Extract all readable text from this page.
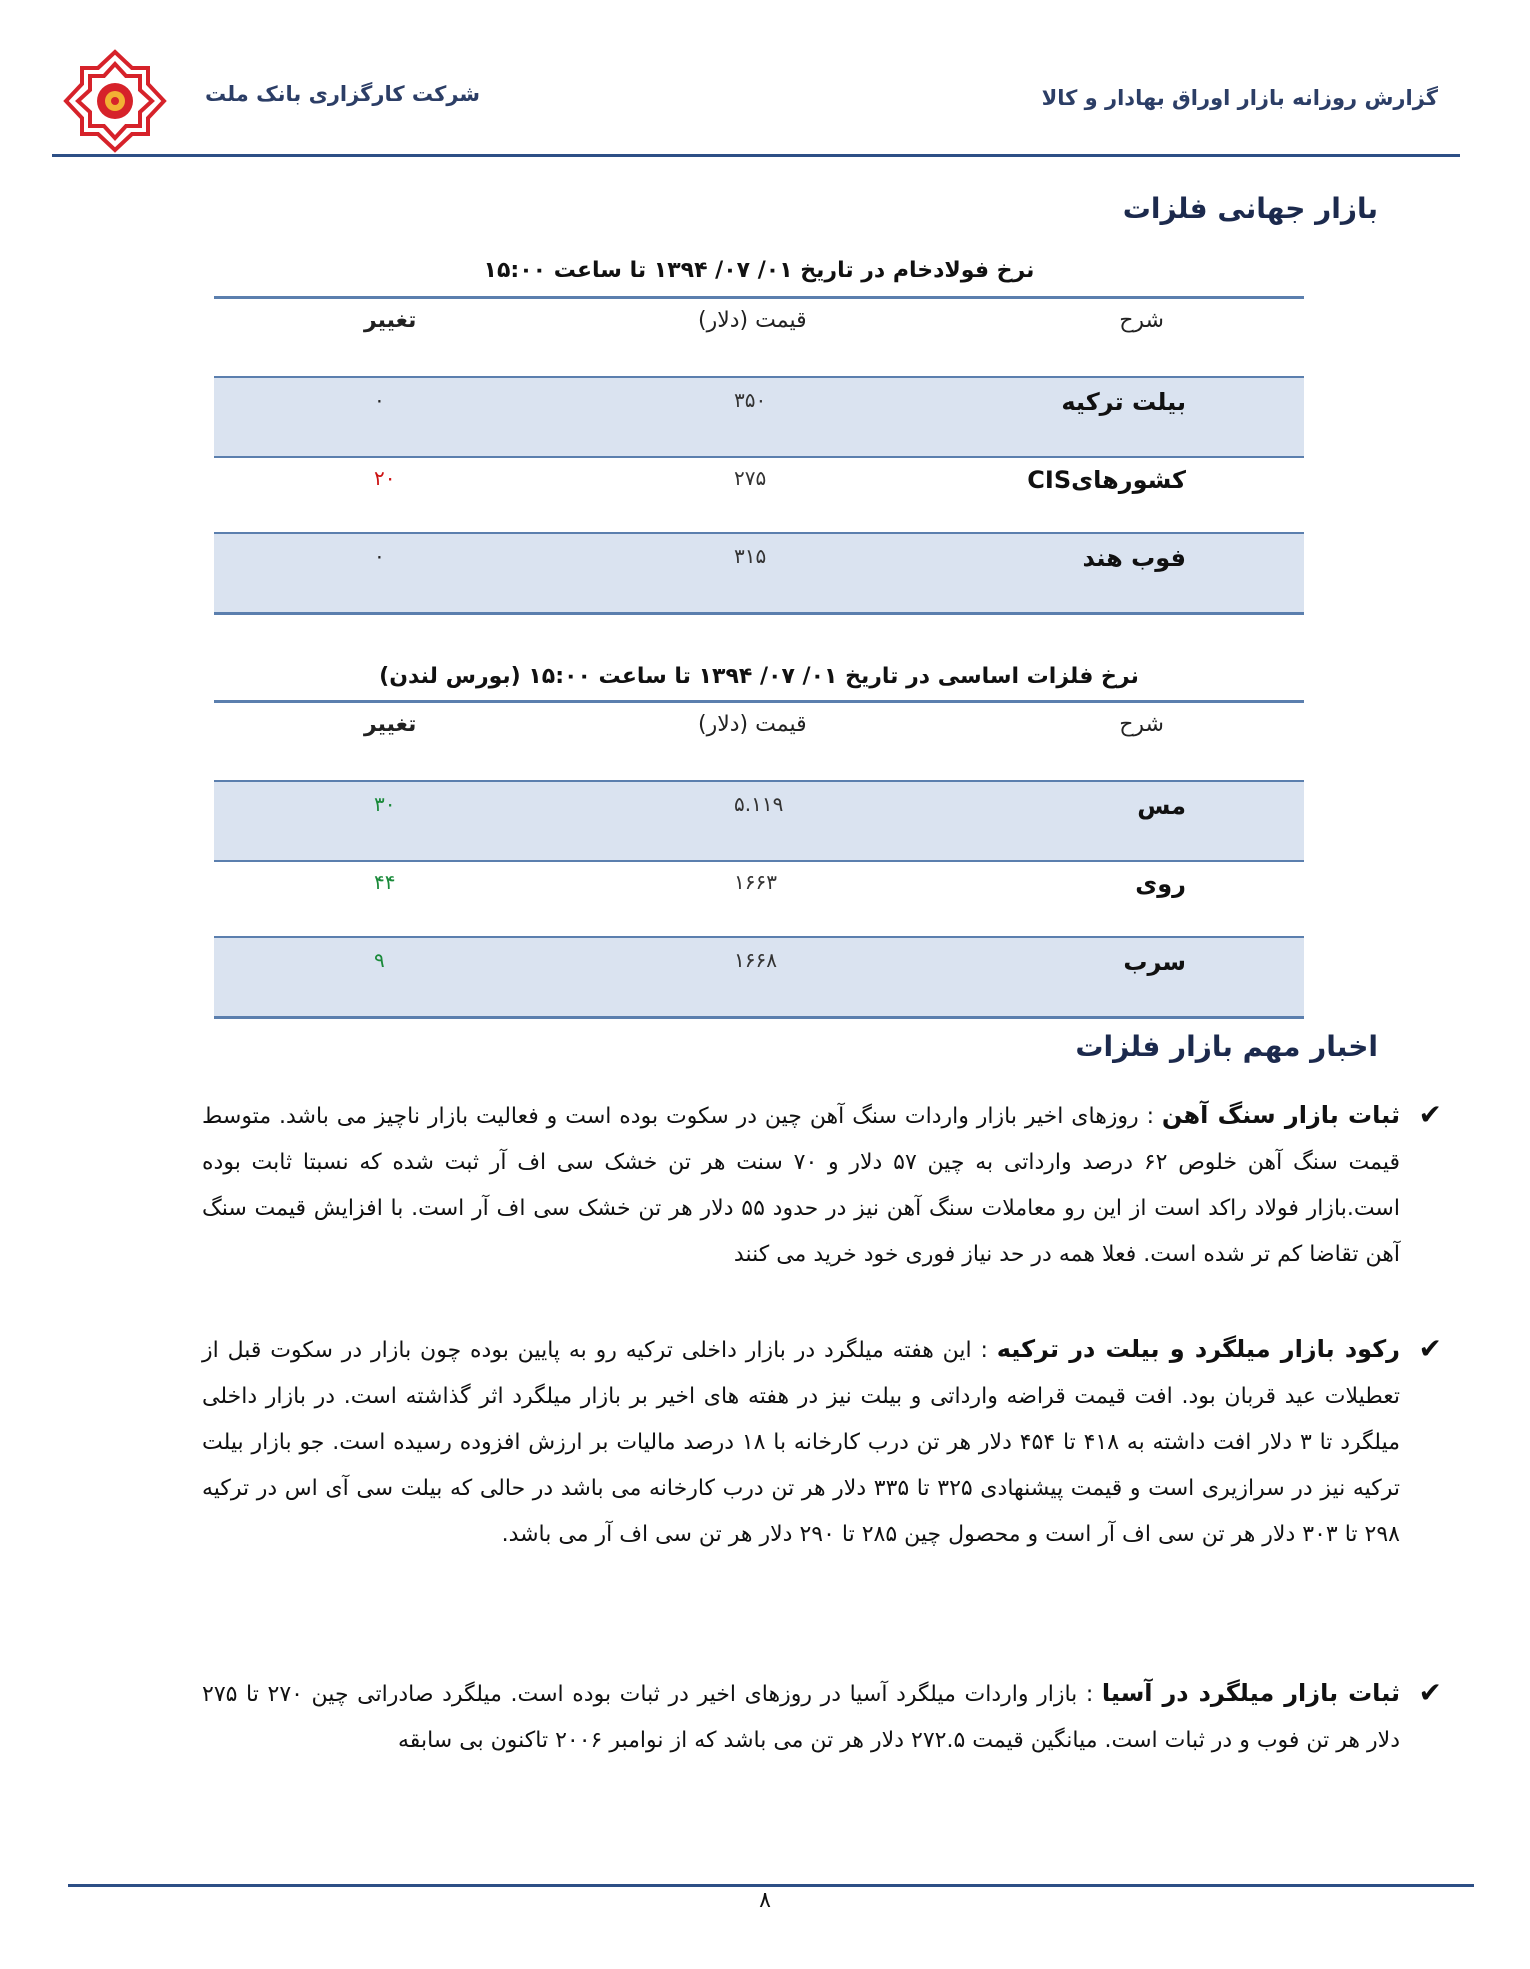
شرکت کارگزاری بانک ملت	گزارش روزانه بازار اوراق بهادار و کالا
بازار جهانی فلزات
نرخ فولادخام در تاریخ ۰۱/ ۰۷/ ۱۳۹۴ تا ساعت ۱۵:۰۰
شرح
قیمت (دلار)
تغییر
بیلت ترکیه
۳۵۰
۰
کشورهایCIS
۲۷۵
۲۰
فوب هند
۳۱۵
۰
نرخ فلزات اساسی در تاریخ ۰۱/ ۰۷/ ۱۳۹۴ تا ساعت ۱۵:۰۰ (بورس لندن)
شرح
قیمت (دلار)
تغییر
مس
۵.۱۱۹
۳۰
روی
۱۶۶۳
۴۴
سرب
۱۶۶۸
۹
اخبار مهم بازار فلزات
✔
ثبات بازار سنگ آهن : روزهای اخیر بازار واردات سنگ آهن چین در سکوت بوده است و فعالیت بازار ناچیز می باشد. متوسط قیمت سنگ آهن خلوص ۶۲ درصد وارداتی به چین ۵۷ دلار و ۷۰ سنت هر تن خشک سی اف آر ثبت شده که نسبتا ثابت بوده است.بازار فولاد راکد است از این رو معاملات سنگ آهن نیز در حدود ۵۵ دلار هر تن خشک سی اف آر است. با افزایش قیمت سنگ آهن تقاضا کم تر شده است. فعلا همه در حد نیاز فوری خود خرید می کنند
✔
رکود بازار میلگرد و بیلت در ترکیه : این هفته میلگرد در بازار داخلی ترکیه رو به پایین بوده چون بازار در سکوت قبل از تعطیلات عید قربان بود. افت قیمت قراضه وارداتی و بیلت نیز در هفته های اخیر بر بازار میلگرد اثر گذاشته است. در بازار داخلی میلگرد تا ۳ دلار افت داشته به ۴۱۸ تا ۴۵۴ دلار هر تن درب کارخانه با ۱۸ درصد مالیات بر ارزش افزوده رسیده است. جو بازار بیلت ترکیه نیز در سرازیری است و قیمت پیشنهادی ۳۲۵ تا ۳۳۵ دلار هر تن درب کارخانه می باشد در حالی که بیلت سی آی اس در ترکیه ۲۹۸ تا ۳۰۳ دلار هر تن سی اف آر است و محصول چین ۲۸۵ تا ۲۹۰ دلار هر تن سی اف آر می باشد.
✔
ثبات بازار میلگرد در آسیا : بازار واردات میلگرد آسیا در روزهای اخیر در ثبات بوده است. میلگرد صادراتی چین ۲۷۰ تا ۲۷۵ دلار هر تن فوب و در ثبات است. میانگین قیمت ۲۷۲.۵ دلار هر تن می باشد که از نوامبر ۲۰۰۶ تاکنون بی سابقه
۸
